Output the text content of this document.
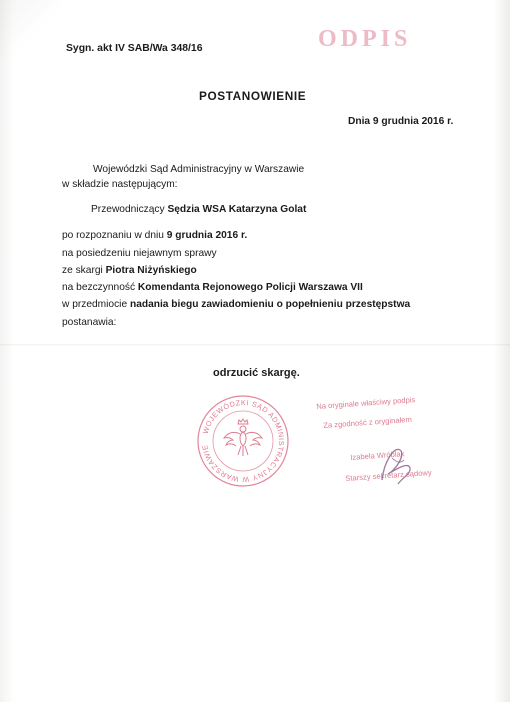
Sygn. akt IV SAB/Wa 348/16	ODPIS
POSTANOWIENIE
Dnia 9 grudnia 2016 r.
Wojewódzki Sąd Administracyjny w Warszawie
w składzie następującym:
Przewodniczący Sędzia WSA Katarzyna Golat
po rozpoznaniu w dniu 9 grudnia 2016 r.
na posiedzeniu niejawnym sprawy
ze skargi Piotra Niżyńskiego
na bezczynność Komendanta Rejonowego Policji Warszawa VII
w przedmiocie nadania biegu zawiadomieniu o popełnieniu przestępstwa
postanawia:
odrzucić skargę.
WOJEWÓDZKI SĄD ADMINISTRACYJNY W WARSZAWIE
Na oryginale właściwy podpis
Za zgodność z oryginałem
Izabela Wróblak
Starszy sekretarz sądowy
